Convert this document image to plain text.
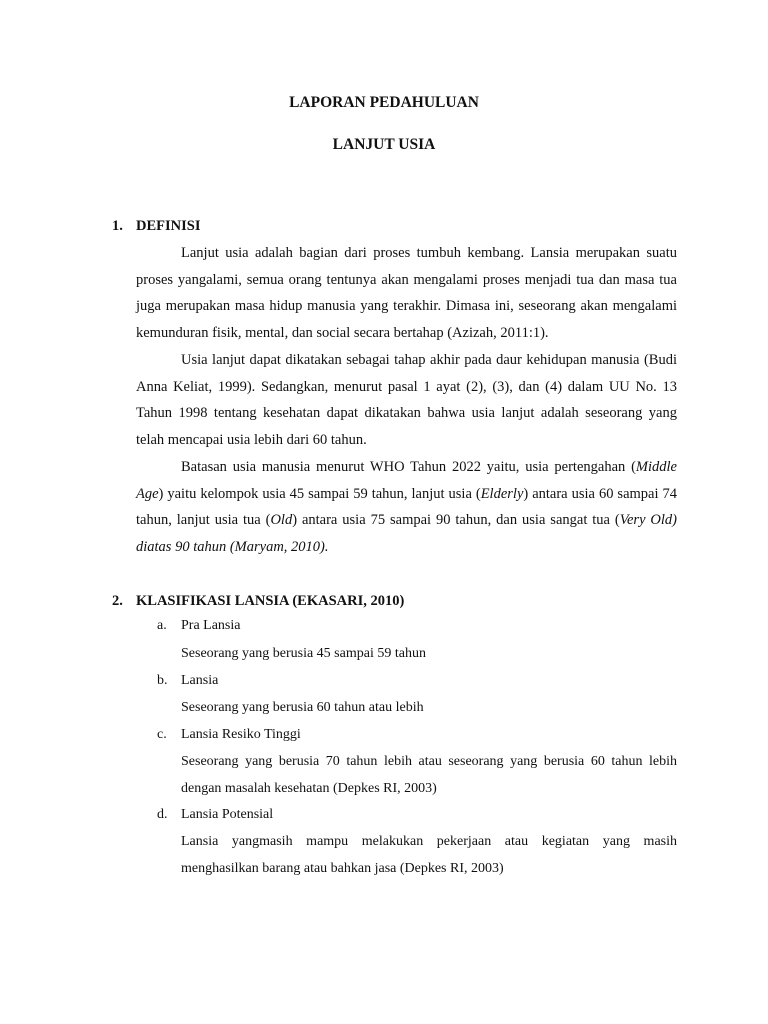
LAPORAN PEDAHULUAN
LANJUT USIA
1. DEFINISI

Lanjut usia adalah bagian dari proses tumbuh kembang. Lansia merupakan suatu proses yangalami, semua orang tentunya akan mengalami proses menjadi tua dan masa tua juga merupakan masa hidup manusia yang terakhir. Dimasa ini, seseorang akan mengalami kemunduran fisik, mental, dan social secara bertahap (Azizah, 2011:1).

Usia lanjut dapat dikatakan sebagai tahap akhir pada daur kehidupan manusia (Budi Anna Keliat, 1999). Sedangkan, menurut pasal 1 ayat (2), (3), dan (4) dalam UU No. 13 Tahun 1998 tentang kesehatan dapat dikatakan bahwa usia lanjut adalah seseorang yang telah mencapai usia lebih dari 60 tahun.

Batasan usia manusia menurut WHO Tahun 2022 yaitu, usia pertengahan (Middle Age) yaitu kelompok usia 45 sampai 59 tahun, lanjut usia (Elderly) antara usia 60 sampai 74 tahun, lanjut usia tua (Old) antara usia 75 sampai 90 tahun, dan usia sangat tua (Very Old) diatas 90 tahun (Maryam, 2010).

2. KLASIFIKASI LANSIA (EKASARI, 2010)
a.	Pra Lansia

Seseorang yang berusia 45 sampai 59 tahun

b. Lansia

Seseorang yang berusia 60 tahun atau lebih

c.	Lansia Resiko Tinggi

Seseorang yang berusia 70 tahun lebih atau seseorang yang berusia 60 tahun lebih dengan masalah kesehatan (Depkes RI, 2003)

d. Lansia Potensial

Lansia yangmasih mampu melakukan pekerjaan atau kegiatan yang masih menghasilkan barang atau bahkan jasa (Depkes RI, 2003)
